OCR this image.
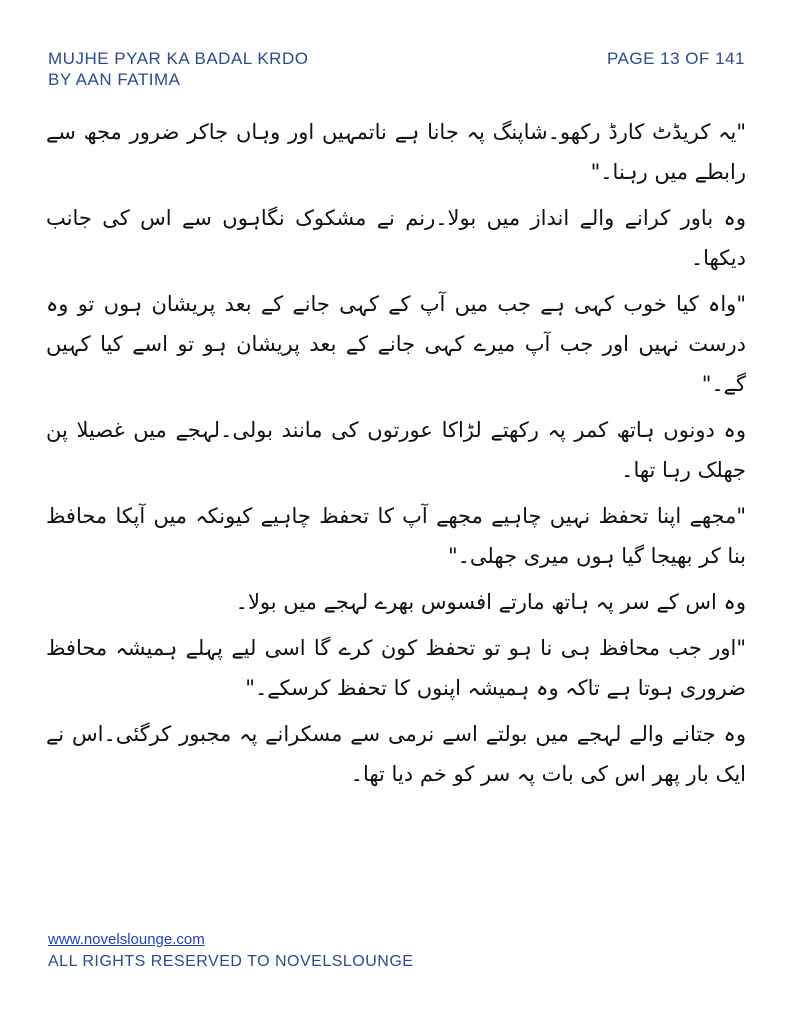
MUJHE PYAR KA BADAL KRDO
BY AAN FATIMA
PAGE 13 OF 141

"یہ کریڈٹ کارڈ رکھو۔شاپنگ پہ جانا ہے ناتمہیں اور وہاں جاکر ضرور مجھ سے رابطے میں رہنا۔"

وہ باور کرانے والے انداز میں بولا۔رنم نے مشکوک نگاہوں سے اس کی جانب دیکھا۔

"واہ کیا خوب کہی ہے جب میں آپ کے کہی جانے کے بعد پریشان ہوں تو وہ درست نہیں اور جب آپ میرے کہی جانے کے بعد پریشان ہو تو اسے کیا کہیں گے۔"

وہ دونوں ہاتھ کمر پہ رکھتے لڑاکا عورتوں کی مانند بولی۔لہجے میں غصیلا پن جھلک رہا تھا۔

"مجھے اپنا تحفظ نہیں چاہیے مجھے آپ کا تحفظ چاہیے کیونکہ میں آپکا محافظ بنا کر بھیجا گیا ہوں میری جھلی۔"

وہ اس کے سر پہ ہاتھ مارتے افسوس بھرے لہجے میں بولا۔

"اور جب محافظ ہی نا ہو تو تحفظ کون کرے گا اسی لیے پہلے ہمیشہ محافظ ضروری ہوتا ہے تاکہ وہ ہمیشہ اپنوں کا تحفظ کرسکے۔"

وہ جتانے والے لہجے میں بولتے اسے نرمی سے مسکرانے پہ مجبور کرگئی۔اس نے ایک بار پھر اس کی بات پہ سر کو خم دیا تھا۔

www.novelslounge.com
ALL RIGHTS RESERVED TO NOVELSLOUNGE
